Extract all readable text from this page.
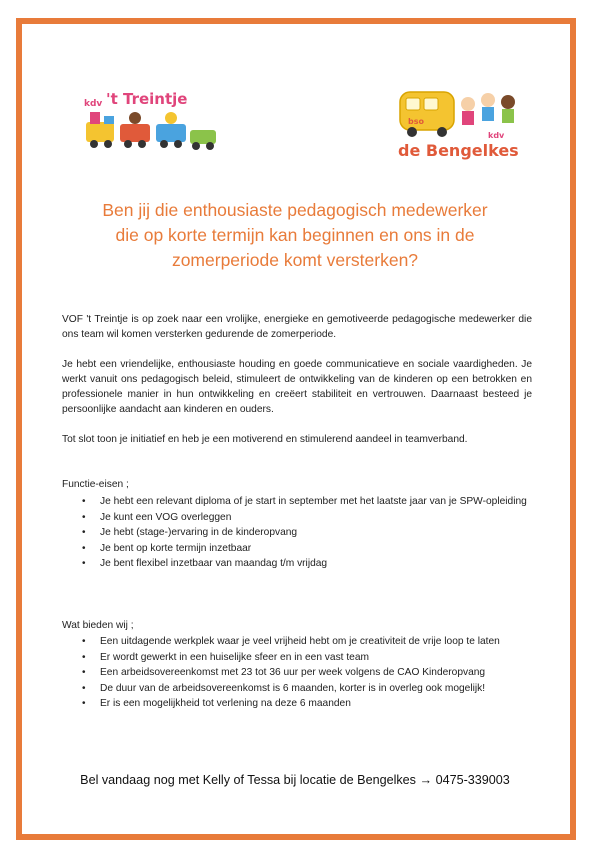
kdv 't Treintje
bso
kdv
de Bengelkes
Ben jij die enthousiaste pedagogisch medewerker
die op korte termijn kan beginnen en ons in de
zomerperiode komt versterken?
VOF 't Treintje is op zoek naar een vrolijke, energieke en gemotiveerde pedagogische medewerker die ons team wil komen versterken gedurende de zomerperiode.
Je hebt een vriendelijke, enthousiaste houding en goede communicatieve en sociale vaardigheden. Je werkt vanuit ons pedagogisch beleid, stimuleert de ontwikkeling van de kinderen op een betrokken en professionele manier in hun ontwikkeling en creëert stabiliteit en vertrouwen. Daarnaast besteed je persoonlijke aandacht aan kinderen en ouders.
Tot slot toon je initiatief en heb je een motiverend en stimulerend aandeel in teamverband.
Functie-eisen ;
• Je hebt een relevant diploma of je start in september met het laatste jaar van je SPW-opleiding
• Je kunt een VOG overleggen
• Je hebt (stage-)ervaring in de kinderopvang
• Je bent op korte termijn inzetbaar
• Je bent flexibel inzetbaar van maandag t/m vrijdag
Wat bieden wij ;
• Een uitdagende werkplek waar je veel vrijheid hebt om je creativiteit de vrije loop te laten
• Er wordt gewerkt in een huiselijke sfeer en in een vast team
• Een arbeidsovereenkomst met 23 tot 36 uur per week volgens de CAO Kinderopvang
• De duur van de arbeidsovereenkomst is 6 maanden, korter is in overleg ook mogelijk!
• Er is een mogelijkheid tot verlening na deze 6 maanden
Bel vandaag nog met Kelly of Tessa bij locatie de Bengelkes → 0475-339003
